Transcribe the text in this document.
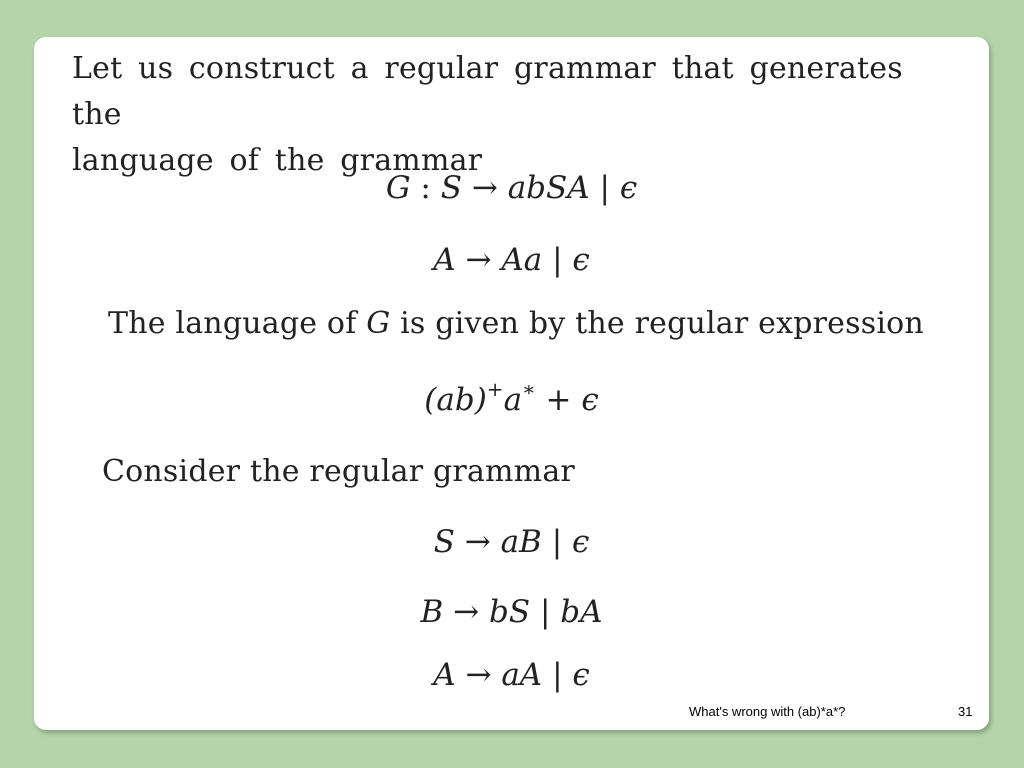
Let us construct a regular grammar that generates the
language of the grammar
G : S → abSA | ϵ
A → Aa | ϵ
The language of G is given by the regular expression
(ab)+a∗ + ϵ
Consider the regular grammar
S → aB | ϵ
B → bS | bA
A → aA | ϵ
What's wrong with (ab)*a*?	31
